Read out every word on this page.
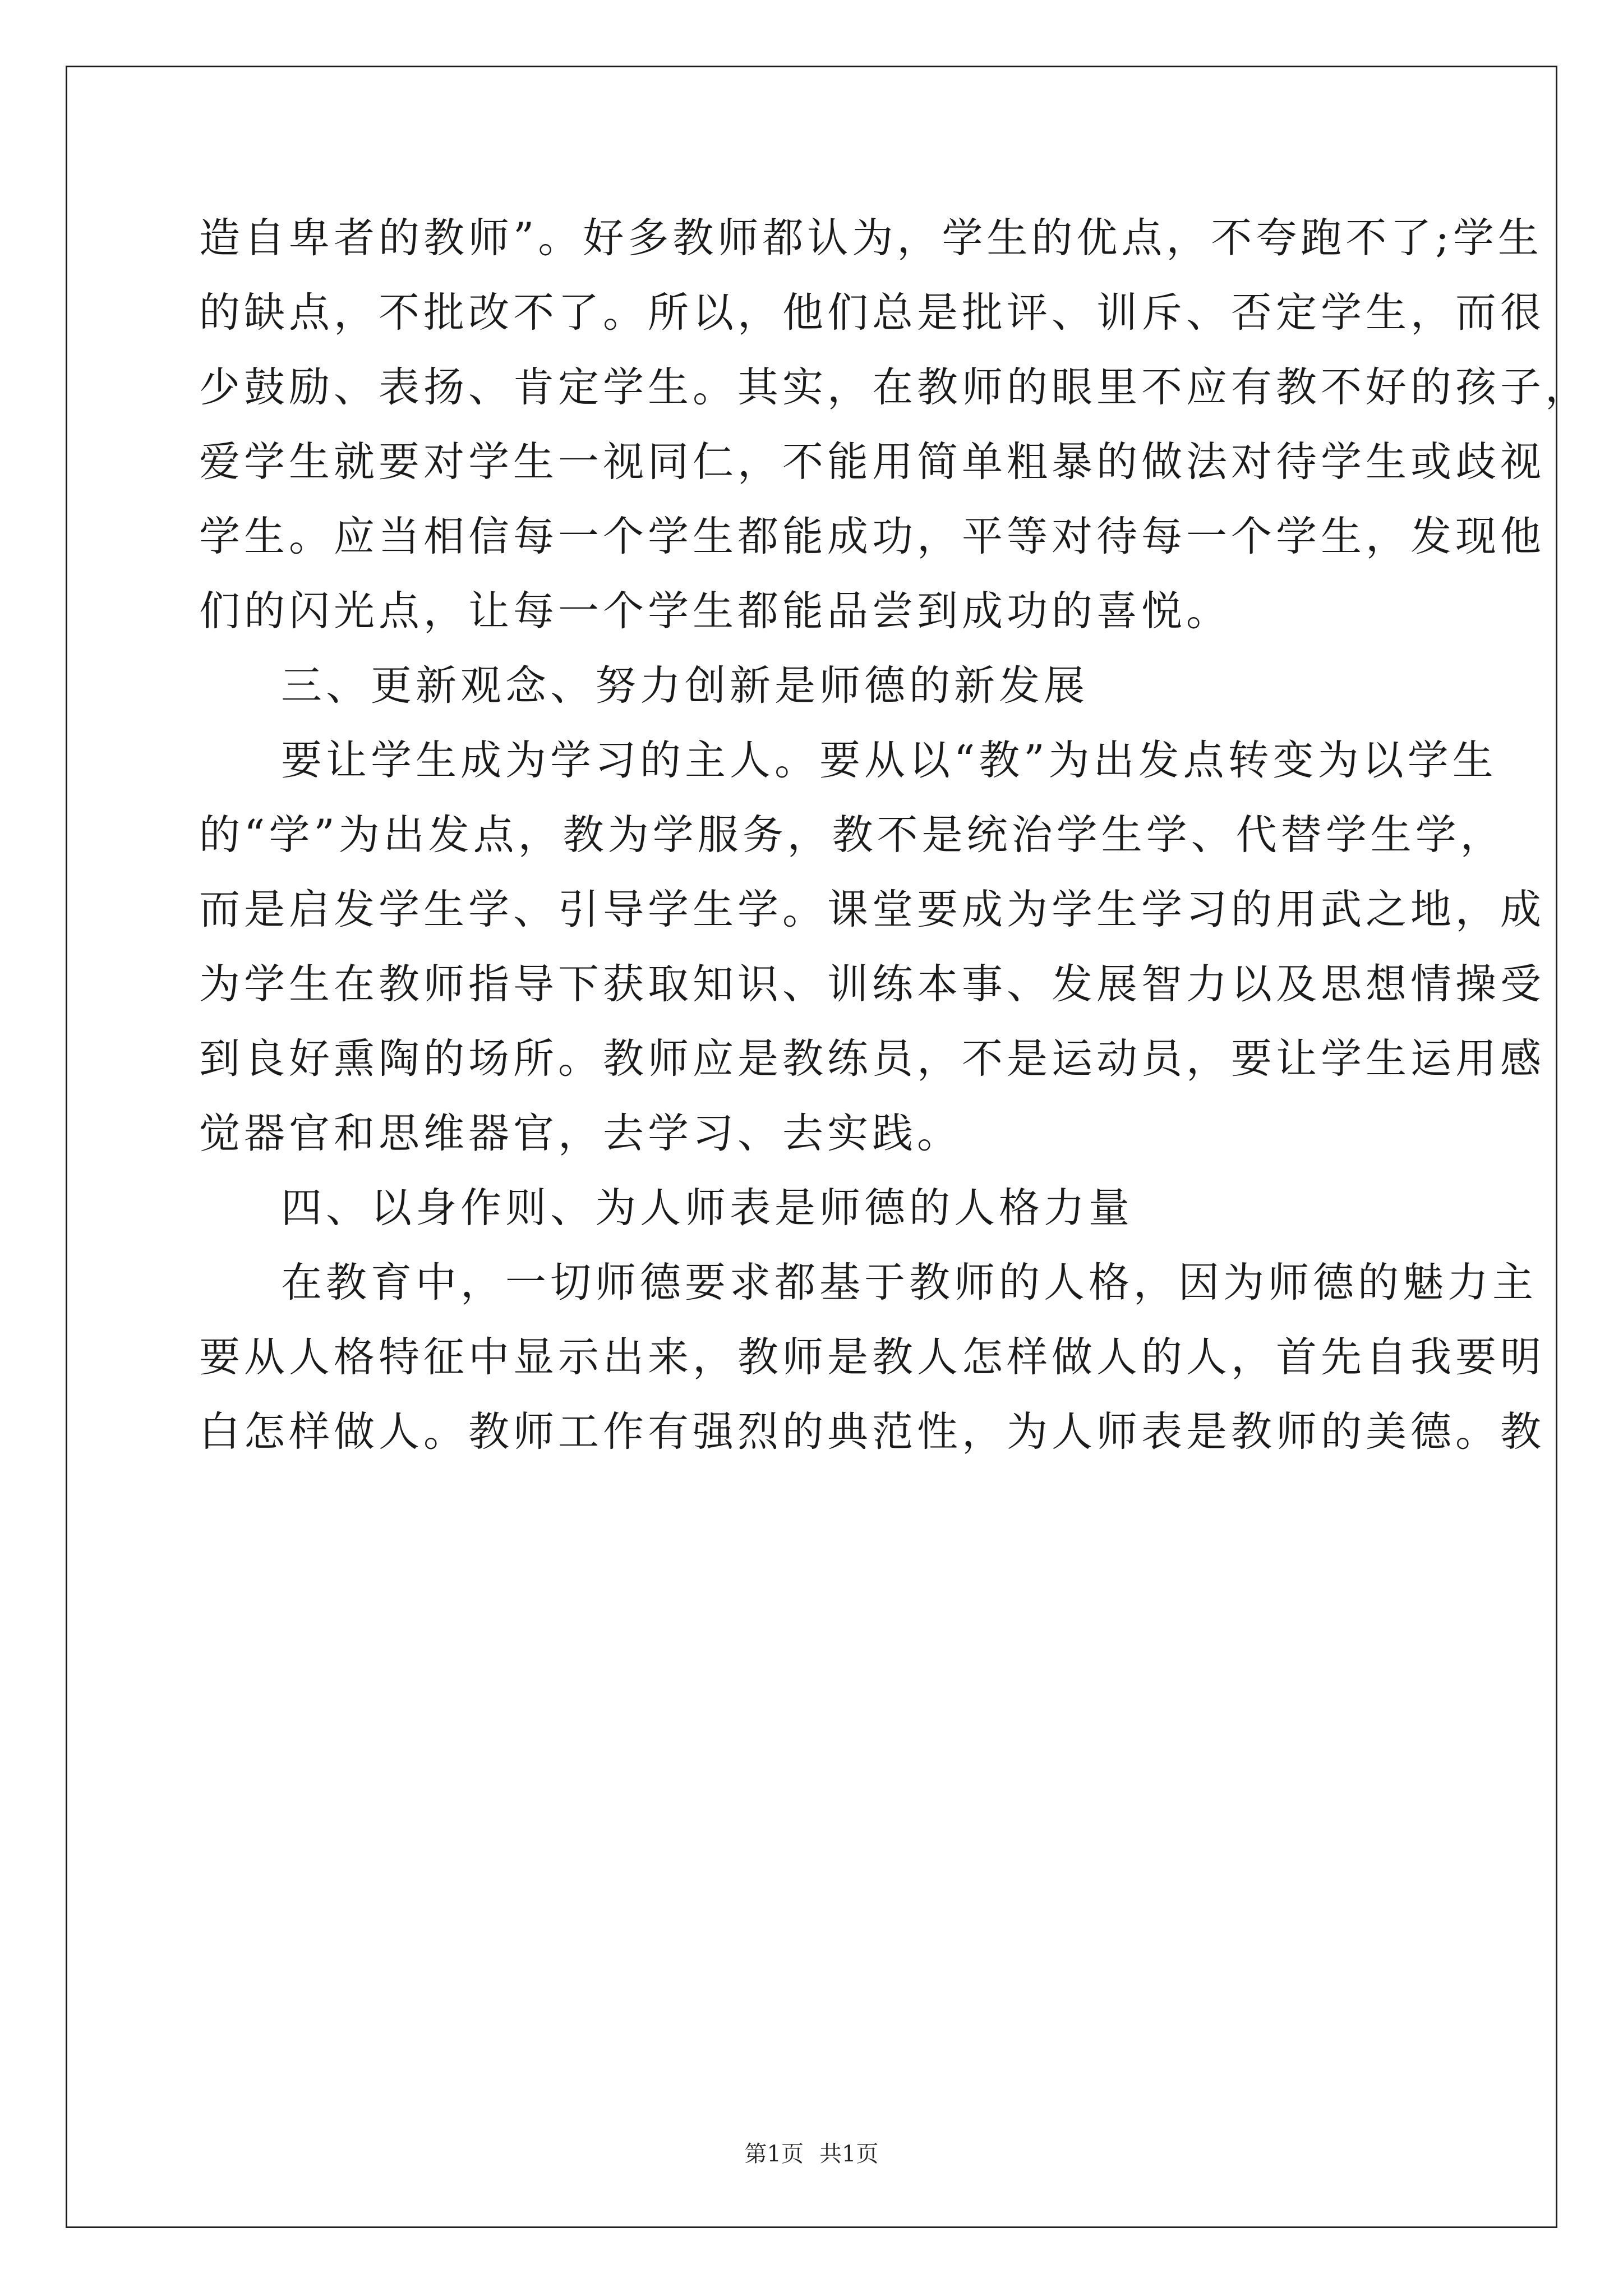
造自卑者的教师”。好多教师都认为，学生的优点，不夸跑不了;学生
的缺点，不批改不了。所以，他们总是批评、训斥、否定学生，而很
少鼓励、表扬、肯定学生。其实，在教师的眼里不应有教不好的孩子，
爱学生就要对学生一视同仁，不能用简单粗暴的做法对待学生或歧视
学生。应当相信每一个学生都能成功，平等对待每一个学生，发现他
们的闪光点，让每一个学生都能品尝到成功的喜悦。
三、更新观念、努力创新是师德的新发展
要让学生成为学习的主人。要从以“教”为出发点转变为以学生
的“学”为出发点，教为学服务，教不是统治学生学、代替学生学，
而是启发学生学、引导学生学。课堂要成为学生学习的用武之地，成
为学生在教师指导下获取知识、训练本事、发展智力以及思想情操受
到良好熏陶的场所。教师应是教练员，不是运动员，要让学生运用感
觉器官和思维器官，去学习、去实践。
四、以身作则、为人师表是师德的人格力量
在教育中，一切师德要求都基于教师的人格，因为师德的魅力主
要从人格特征中显示出来，教师是教人怎样做人的人，首先自我要明
白怎样做人。教师工作有强烈的典范性，为人师表是教师的美德。教
第1页 共1页
